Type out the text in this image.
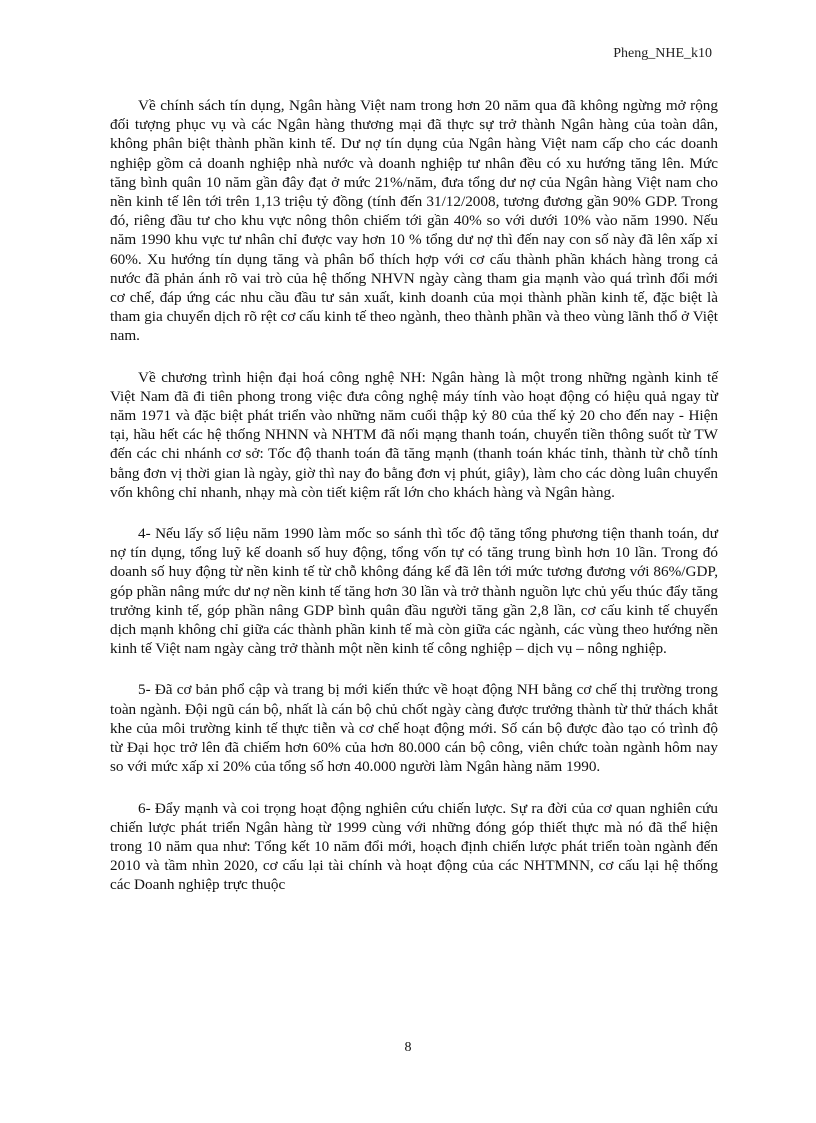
Pheng_NHE_k10

Về chính sách tín dụng, Ngân hàng Việt nam trong hơn 20 năm qua đã không ngừng mở rộng đối tượng phục vụ và các Ngân hàng thương mại đã thực sự trở thành Ngân hàng của toàn dân, không phân biệt thành phần kinh tế. Dư nợ tín dụng của Ngân hàng Việt nam cấp cho các doanh nghiệp gồm cả doanh nghiệp nhà nước và doanh nghiệp tư nhân đều có xu hướng tăng lên. Mức tăng bình quân 10 năm gần đây đạt ở mức 21%/năm, đưa tổng dư nợ của Ngân hàng Việt nam cho nền kinh tế lên tới trên 1,13 triệu tỷ đồng (tính đến 31/12/2008, tương đương gần 90% GDP. Trong đó, riêng đầu tư cho khu vực nông thôn chiếm tới gần 40% so với dưới 10% vào năm 1990. Nếu năm 1990 khu vực tư nhân chỉ được vay hơn 10 % tổng dư nợ thì đến nay con số này đã lên xấp xỉ 60%. Xu hướng tín dụng tăng và phân bổ thích hợp với cơ cấu thành phần khách hàng trong cả nước đã phản ánh rõ vai trò của hệ thống NHVN ngày càng tham gia mạnh vào quá trình đổi mới cơ chế, đáp ứng các nhu cầu đầu tư sản xuất, kinh doanh của mọi thành phần kinh tế, đặc biệt là tham gia chuyển dịch rõ rệt cơ cấu kinh tế theo ngành, theo thành phần và theo vùng lãnh thổ ở Việt nam.

Về chương trình hiện đại hoá công nghệ NH: Ngân hàng là một trong những ngành kinh tế Việt Nam đã đi tiên phong trong việc đưa công nghệ máy tính vào hoạt động có hiệu quả ngay từ năm 1971 và đặc biệt phát triển vào những năm cuối thập kỷ 80 của thế kỷ 20 cho đến nay - Hiện tại, hầu hết các hệ thống NHNN và NHTM đã nối mạng thanh toán, chuyển tiền thông suốt từ TW đến các chi nhánh cơ sở: Tốc độ thanh toán đã tăng mạnh (thanh toán khác tỉnh, thành từ chỗ tính bằng đơn vị thời gian là ngày, giờ thì nay đo bằng đơn vị phút, giây), làm cho các dòng luân chuyển vốn không chỉ nhanh, nhạy mà còn tiết kiệm rất lớn cho khách hàng và Ngân hàng.

4- Nếu lấy số liệu năm 1990 làm mốc so sánh thì tốc độ tăng tổng phương tiện thanh toán, dư nợ tín dụng, tổng luỹ kế doanh số huy động, tổng vốn tự có tăng trung bình hơn 10 lần. Trong đó doanh số huy động từ nền kinh tế từ chỗ không đáng kể đã lên tới mức tương đương với 86%/GDP, góp phần nâng mức dư nợ nền kinh tế tăng hơn 30 lần và trở thành nguồn lực chủ yếu thúc đẩy tăng trưởng kinh tế, góp phần nâng GDP bình quân đầu người tăng gần 2,8 lần, cơ cấu kinh tế chuyển dịch mạnh không chỉ giữa các thành phần kinh tế mà còn giữa các ngành, các vùng theo hướng nền kinh tế Việt nam ngày càng trở thành một nền kinh tế công nghiệp – dịch vụ – nông nghiệp.

5- Đã cơ bản phổ cập và trang bị mới kiến thức về hoạt động NH bằng cơ chế thị trường trong toàn ngành. Đội ngũ cán bộ, nhất là cán bộ chủ chốt ngày càng được trưởng thành từ thử thách khắt khe của môi trường kinh tế thực tiễn và cơ chế hoạt động mới. Số cán bộ được đào tạo có trình độ từ Đại học trở lên đã chiếm hơn 60% của hơn 80.000 cán bộ công, viên chức toàn ngành hôm nay so với mức xấp xỉ 20% của tổng số hơn 40.000 người làm Ngân hàng năm 1990.

6- Đẩy mạnh và coi trọng hoạt động nghiên cứu chiến lược. Sự ra đời của cơ quan nghiên cứu chiến lược phát triển Ngân hàng từ 1999 cùng với những đóng góp thiết thực mà nó đã thể hiện trong 10 năm qua như: Tổng kết 10 năm đổi mới, hoạch định chiến lược phát triển toàn ngành đến 2010 và tầm nhìn 2020, cơ cấu lại tài chính và hoạt động của các NHTMNN, cơ cấu lại hệ thống các Doanh nghiệp trực thuộc

8
